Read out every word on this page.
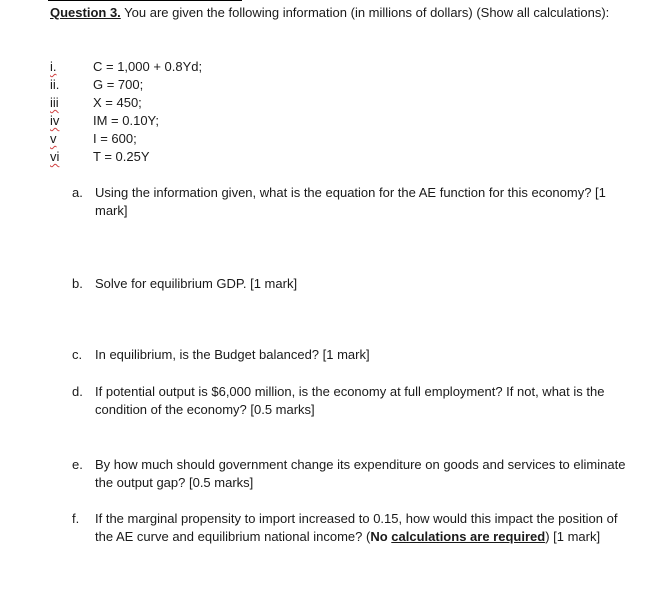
Question 3. You are given the following information (in millions of dollars) (Show all calculations):
i.	C = 1,000 + 0.8Yd;
ii.	G = 700;
iii	X = 450;
iv	IM = 0.10Y;
v	I = 600;
vi	T = 0.25Y
a. Using the information given, what is the equation for the AE function for this economy? [1 mark]
b. Solve for equilibrium GDP. [1 mark]
c. In equilibrium, is the Budget balanced? [1 mark]
d. If potential output is $6,000 million, is the economy at full employment? If not, what is the condition of the economy? [0.5 marks]
e. By how much should government change its expenditure on goods and services to eliminate the output gap? [0.5 marks]
f. If the marginal propensity to import increased to 0.15, how would this impact the position of the AE curve and equilibrium national income? (No calculations are required) [1 mark]
